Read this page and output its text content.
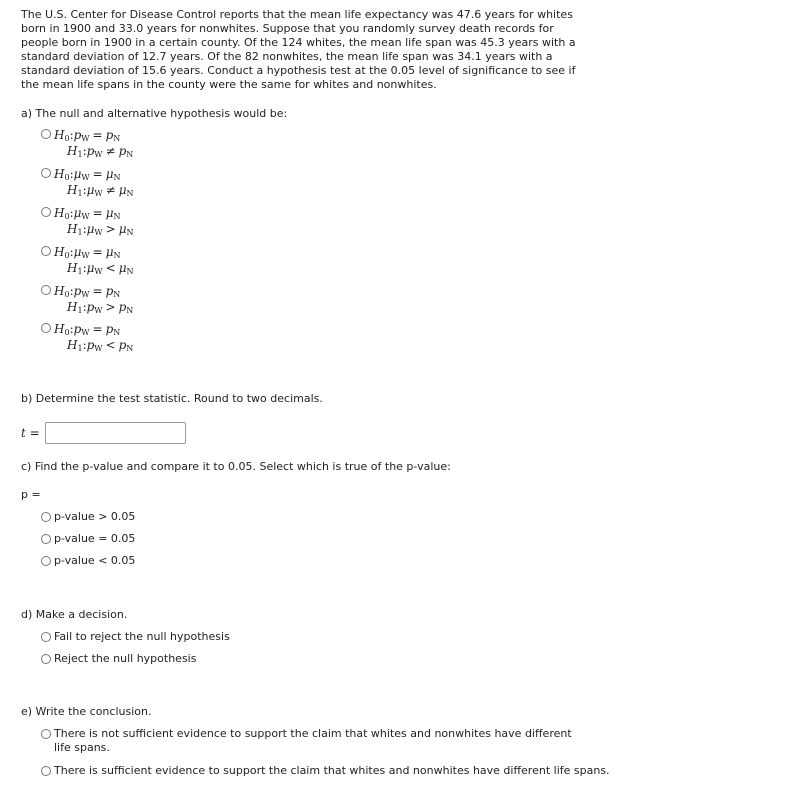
The U.S. Center for Disease Control reports that the mean life expectancy was 47.6 years for whites born in 1900 and 33.0 years for nonwhites. Suppose that you randomly survey death records for people born in 1900 in a certain county. Of the 124 whites, the mean life span was 45.3 years with a standard deviation of 12.7 years. Of the 82 nonwhites, the mean life span was 34.1 years with a standard deviation of 15.6 years. Conduct a hypothesis test at the 0.05 level of significance to see if the mean life spans in the county were the same for whites and nonwhites.
a) The null and alternative hypothesis would be:
$H_0:p_W = p_N$
$H_1:p_W \ne p_N$
$H_0:\mu_W = \mu_N$
$H_1:\mu_W \ne \mu_N$
$H_0:\mu_W = \mu_N$
$H_1:\mu_W > \mu_N$
$H_0:\mu_W = \mu_N$
$H_1:\mu_W < \mu_N$
$H_0:p_W = p_N$
$H_1:p_W > p_N$
$H_0:p_W = p_N$
$H_1:p_W < p_N$
b) Determine the test statistic. Round to two decimals.
t =
c) Find the p-value and compare it to 0.05. Select which is true of the p-value:
p =
p-value > 0.05
p-value = 0.05
p-value < 0.05
d) Make a decision.
Fail to reject the null hypothesis
Reject the null hypothesis
e) Write the conclusion.
There is not sufficient evidence to support the claim that whites and nonwhites have different life spans.
There is sufficient evidence to support the claim that whites and nonwhites have different life spans.
